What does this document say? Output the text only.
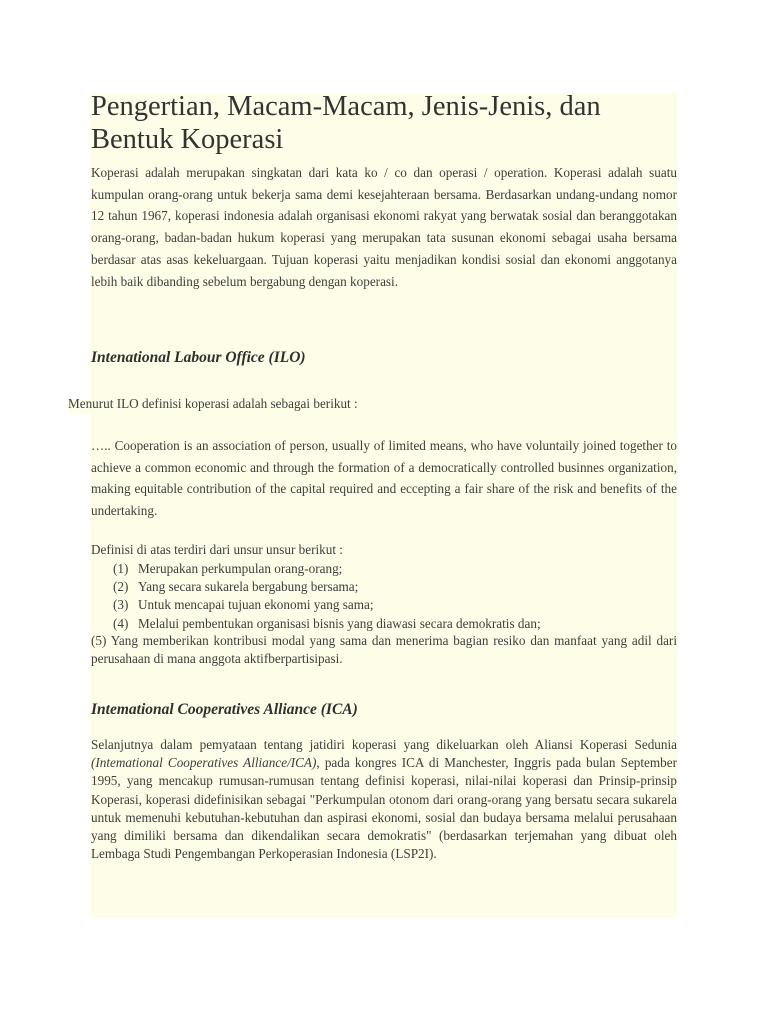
Pengertian, Macam-Macam, Jenis-Jenis, dan Bentuk Koperasi

Koperasi adalah merupakan singkatan dari kata ko / co dan operasi / operation. Koperasi adalah suatu kumpulan orang-orang untuk bekerja sama demi kesejahteraan bersama. Berdasarkan undang-undang nomor 12 tahun 1967, koperasi indonesia adalah organisasi ekonomi rakyat yang berwatak sosial dan beranggotakan orang-orang, badan-badan hukum koperasi yang merupakan tata susunan ekonomi sebagai usaha bersama berdasar atas asas kekeluargaan. Tujuan koperasi yaitu menjadikan kondisi sosial dan ekonomi anggotanya lebih baik dibanding sebelum bergabung dengan koperasi.

Intenational Labour Office (ILO)

Menurut ILO definisi koperasi adalah sebagai berikut :

….. Cooperation is an association of person, usually of limited means, who have voluntaily joined together to achieve a common economic and through the formation of a democratically controlled businnes organization, making equitable contribution of the capital required and eccepting a fair share of the risk and benefits of the undertaking.

Definisi di atas terdiri dari unsur unsur berikut :

(1) Merupakan perkumpulan orang-orang;
(2) Yang secara sukarela bergabung bersama;
(3) Untuk mencapai tujuan ekonomi yang sama;
(4) Melalui pembentukan organisasi bisnis yang diawasi secara demokratis dan;

(5) Yang memberikan kontribusi modal yang sama dan menerima bagian resiko dan manfaat yang adil dari perusahaan di mana anggota aktifberpartisipasi.

Intemational Cooperatives Alliance (ICA)

Selanjutnya dalam pemyataan tentang jatidiri koperasi yang dikeluarkan oleh Aliansi Koperasi Sedunia (Intemational Cooperatives Alliance/ICA), pada kongres ICA di Manchester, Inggris pada bulan September 1995, yang mencakup rumusan-rumusan tentang definisi koperasi, nilai-nilai koperasi dan Prinsip-prinsip Koperasi, koperasi didefinisikan sebagai "Perkumpulan otonom dari orang-orang yang bersatu secara sukarela untuk memenuhi kebutuhan-kebutuhan dan aspirasi ekonomi, sosial dan budaya bersama melalui perusahaan yang dimiliki bersama dan dikendalikan secara demokratis" (berdasarkan terjemahan yang dibuat oleh Lembaga Studi Pengembangan Perkoperasian Indonesia (LSP2I).
